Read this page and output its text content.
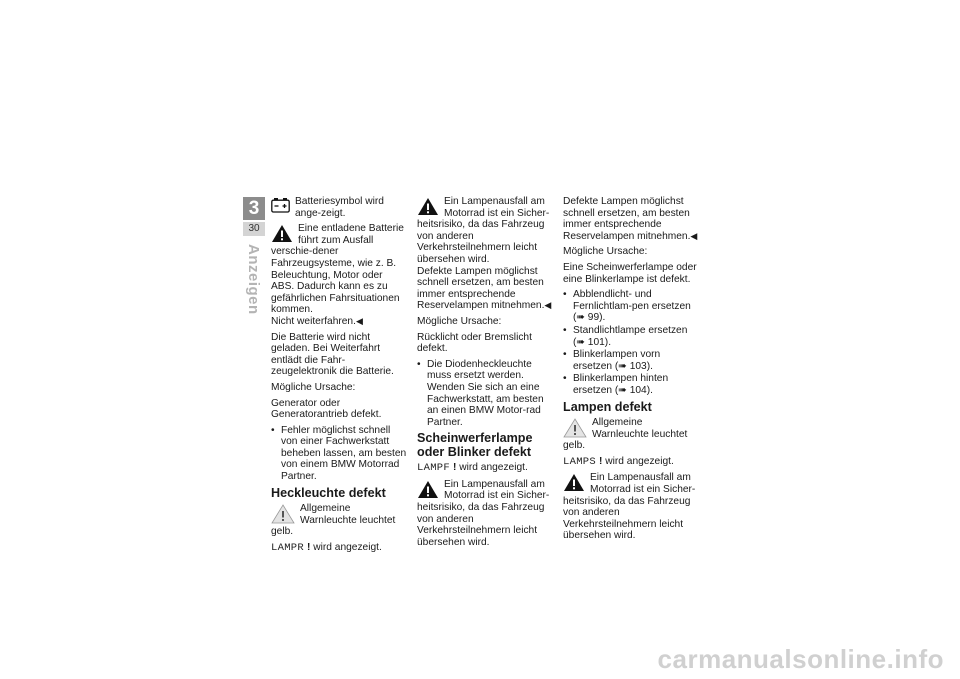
3
30
Anzeigen

Batteriesymbol wird ange-zeigt.

Eine entladene Batterie führt zum Ausfall verschie-dener Fahrzeugsysteme, wie z. B. Beleuchtung, Motor oder ABS. Dadurch kann es zu gefährlichen Fahrsituationen kommen.
Nicht weiterfahren.◀

Die Batterie wird nicht geladen. Bei Weiterfahrt entlädt die Fahr-zeugelektronik die Batterie.

Mögliche Ursache:

Generator oder Generatorantrieb defekt.

• Fehler möglichst schnell von einer Fachwerkstatt beheben lassen, am besten von einem BMW Motorrad Partner.
Heckleuchte defekt

Allgemeine Warnleuchte leuchtet gelb.

LAMPR ! wird angezeigt.

Ein Lampenausfall am Motorrad ist ein Sicher-heitsrisiko, da das Fahrzeug von anderen Verkehrsteilnehmern leicht übersehen wird.
Defekte Lampen möglichst schnell ersetzen, am besten immer entsprechende Reservelampen mitnehmen.◀

Mögliche Ursache:

Rücklicht oder Bremslicht defekt.

• Die Diodenheckleuchte muss ersetzt werden. Wenden Sie sich an eine Fachwerkstatt, am besten an einen BMW Motor-rad Partner.
Scheinwerferlampe oder Blinker defekt

LAMPF ! wird angezeigt.

Ein Lampenausfall am Motorrad ist ein Sicher-heitsrisiko, da das Fahrzeug von anderen Verkehrsteilnehmern leicht übersehen wird.

Defekte Lampen möglichst schnell ersetzen, am besten immer entsprechende Reservelampen mitnehmen.◀

Mögliche Ursache:

Eine Scheinwerferlampe oder eine Blinkerlampe ist defekt.

• Abblendlicht- und Fernlichtlam-pen ersetzen (➠ 99).
• Standlichtlampe ersetzen (➠ 101).
• Blinkerlampen vorn ersetzen (➠ 103).
• Blinkerlampen hinten ersetzen (➠ 104).
Lampen defekt

Allgemeine Warnleuchte leuchtet gelb.

LAMPS ! wird angezeigt.

Ein Lampenausfall am Motorrad ist ein Sicher-heitsrisiko, da das Fahrzeug von anderen Verkehrsteilnehmern leicht übersehen wird.

carmanualsonline.info
